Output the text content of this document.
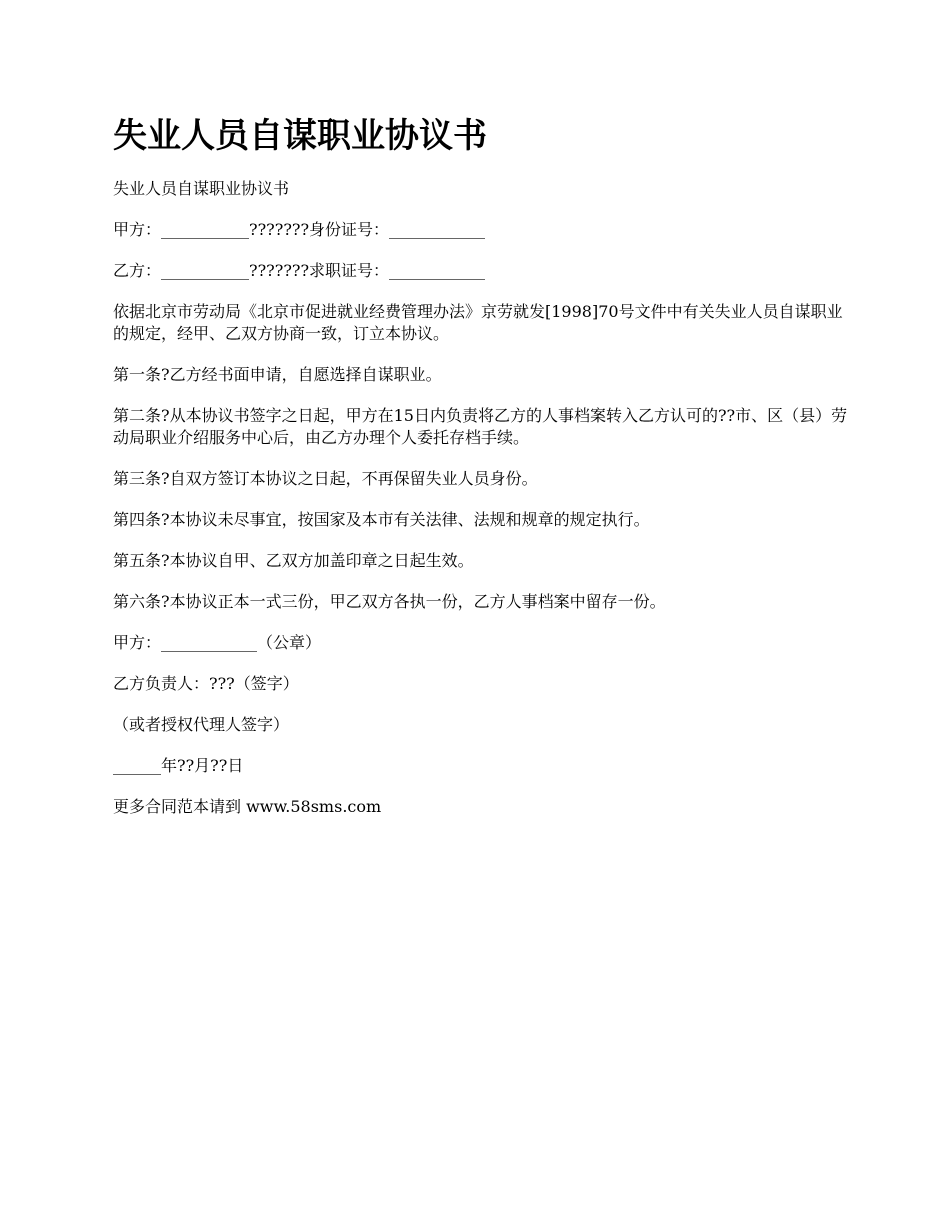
失业人员自谋职业协议书

失业人员自谋职业协议书

甲方：___________???????身份证号：____________

乙方：___________???????求职证号：____________

依据北京市劳动局《北京市促进就业经费管理办法》京劳就发[1998]70号文件中有关失业人员自谋职业的规定，经甲、乙双方协商一致，订立本协议。

第一条?乙方经书面申请，自愿选择自谋职业。

第二条?从本协议书签字之日起，甲方在15日内负责将乙方的人事档案转入乙方认可的??市、区（县）劳动局职业介绍服务中心后，由乙方办理个人委托存档手续。

第三条?自双方签订本协议之日起，不再保留失业人员身份。

第四条?本协议未尽事宜，按国家及本市有关法律、法规和规章的规定执行。

第五条?本协议自甲、乙双方加盖印章之日起生效。

第六条?本协议正本一式三份，甲乙双方各执一份，乙方人事档案中留存一份。

甲方：____________（公章）

乙方负责人：???（签字）

（或者授权代理人签字）

______年??月??日

更多合同范本请到 www.58sms.com
